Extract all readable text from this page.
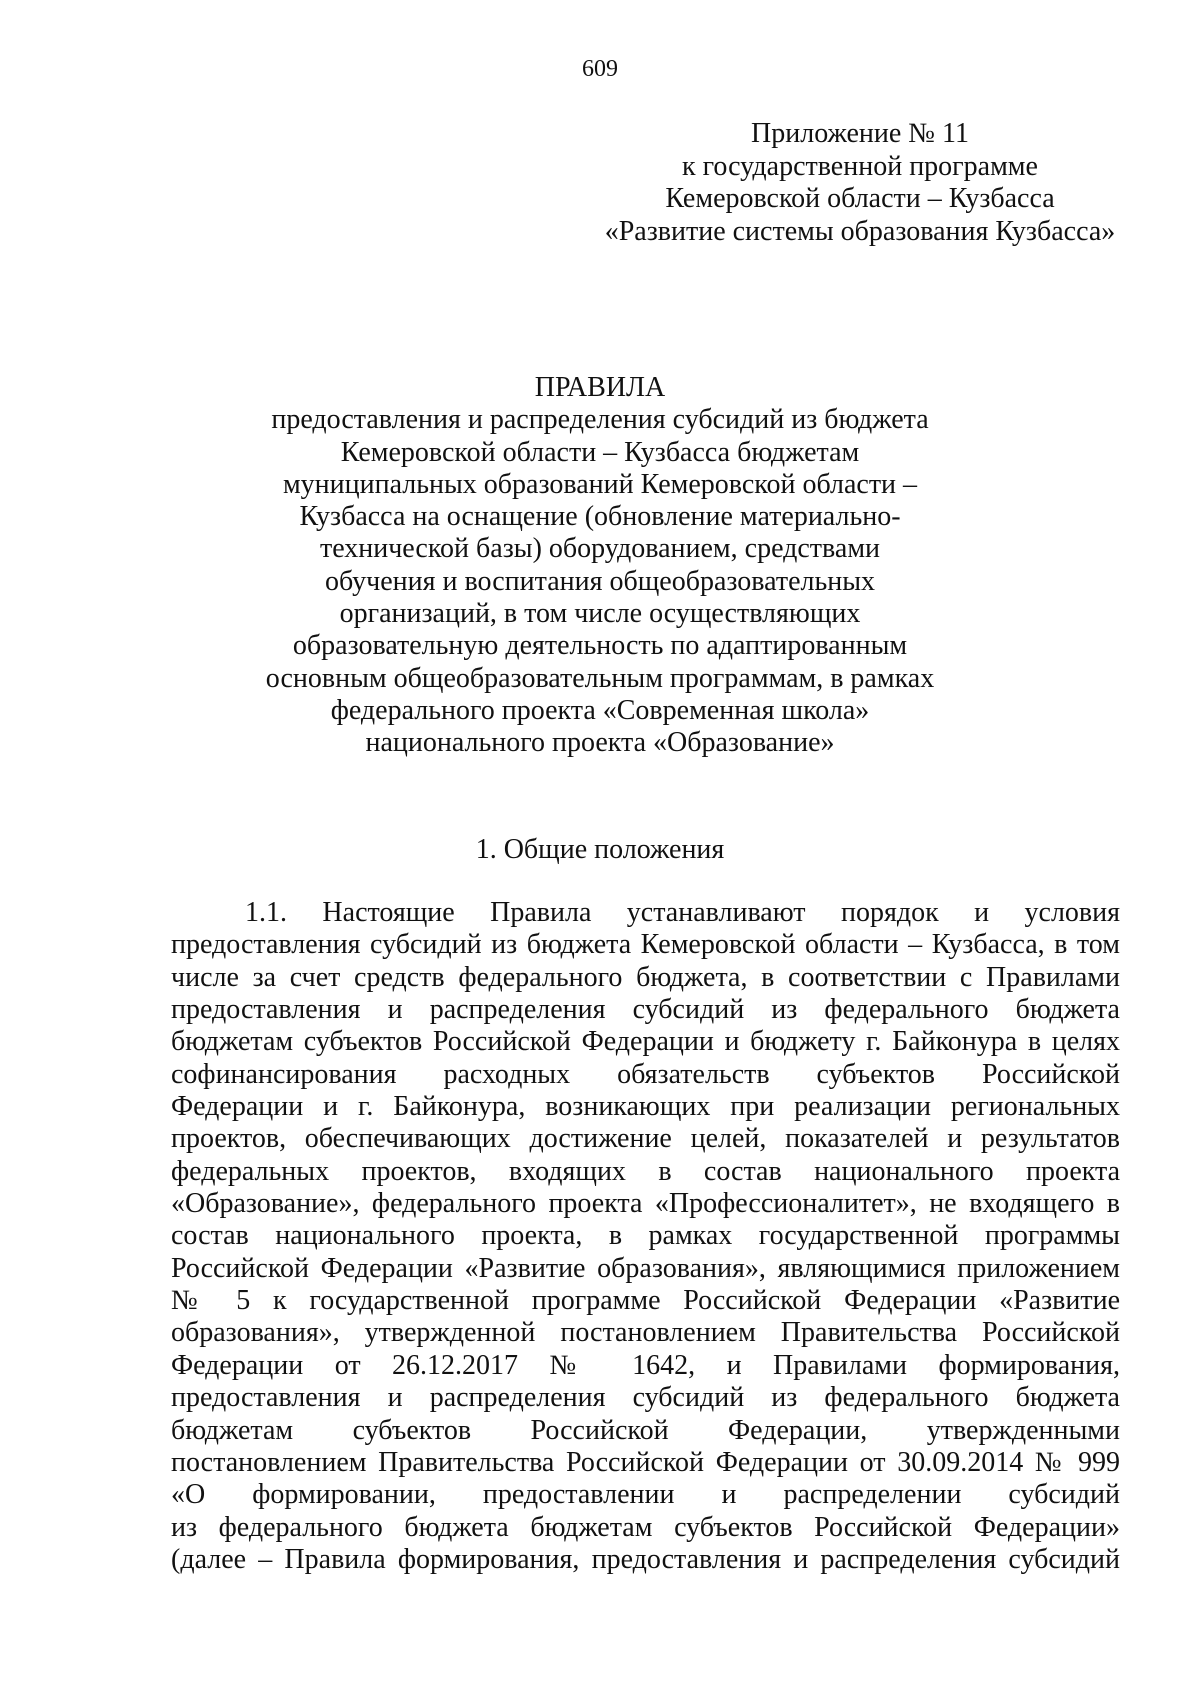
609
Приложение № 11
к государственной программе
Кемеровской области – Кузбасса
«Развитие системы образования Кузбасса»
ПРАВИЛА
предоставления и распределения субсидий из бюджета
Кемеровской области – Кузбасса бюджетам
муниципальных образований Кемеровской области –
Кузбасса на оснащение (обновление материально-
технической базы) оборудованием, средствами
обучения и воспитания общеобразовательных
организаций, в том числе осуществляющих
образовательную деятельность по адаптированным
основным общеобразовательным программам, в рамках
федерального проекта «Современная школа»
национального проекта «Образование»
1. Общие положения
1.1. Настоящие Правила устанавливают порядок и условия
предоставления субсидий из бюджета Кемеровской области – Кузбасса, в том
числе за счет средств федерального бюджета, в соответствии с Правилами
предоставления и распределения субсидий из федерального бюджета
бюджетам субъектов Российской Федерации и бюджету г. Байконура в целях
софинансирования расходных обязательств субъектов Российской
Федерации и г. Байконура, возникающих при реализации региональных
проектов, обеспечивающих достижение целей, показателей и результатов
федеральных проектов, входящих в состав национального проекта
«Образование», федерального проекта «Профессионалитет», не входящего в
состав национального проекта, в рамках государственной программы
Российской Федерации «Развитие образования», являющимися приложением
№ 5 к государственной программе Российской Федерации «Развитие
образования», утвержденной постановлением Правительства Российской
Федерации от 26.12.2017 № 1642, и Правилами формирования,
предоставления и распределения субсидий из федерального бюджета
бюджетам субъектов Российской Федерации, утвержденными
постановлением Правительства Российской Федерации от 30.09.2014 № 999
«О формировании, предоставлении и распределении субсидий
из федерального бюджета бюджетам субъектов Российской Федерации»
(далее – Правила формирования, предоставления и распределения субсидий
